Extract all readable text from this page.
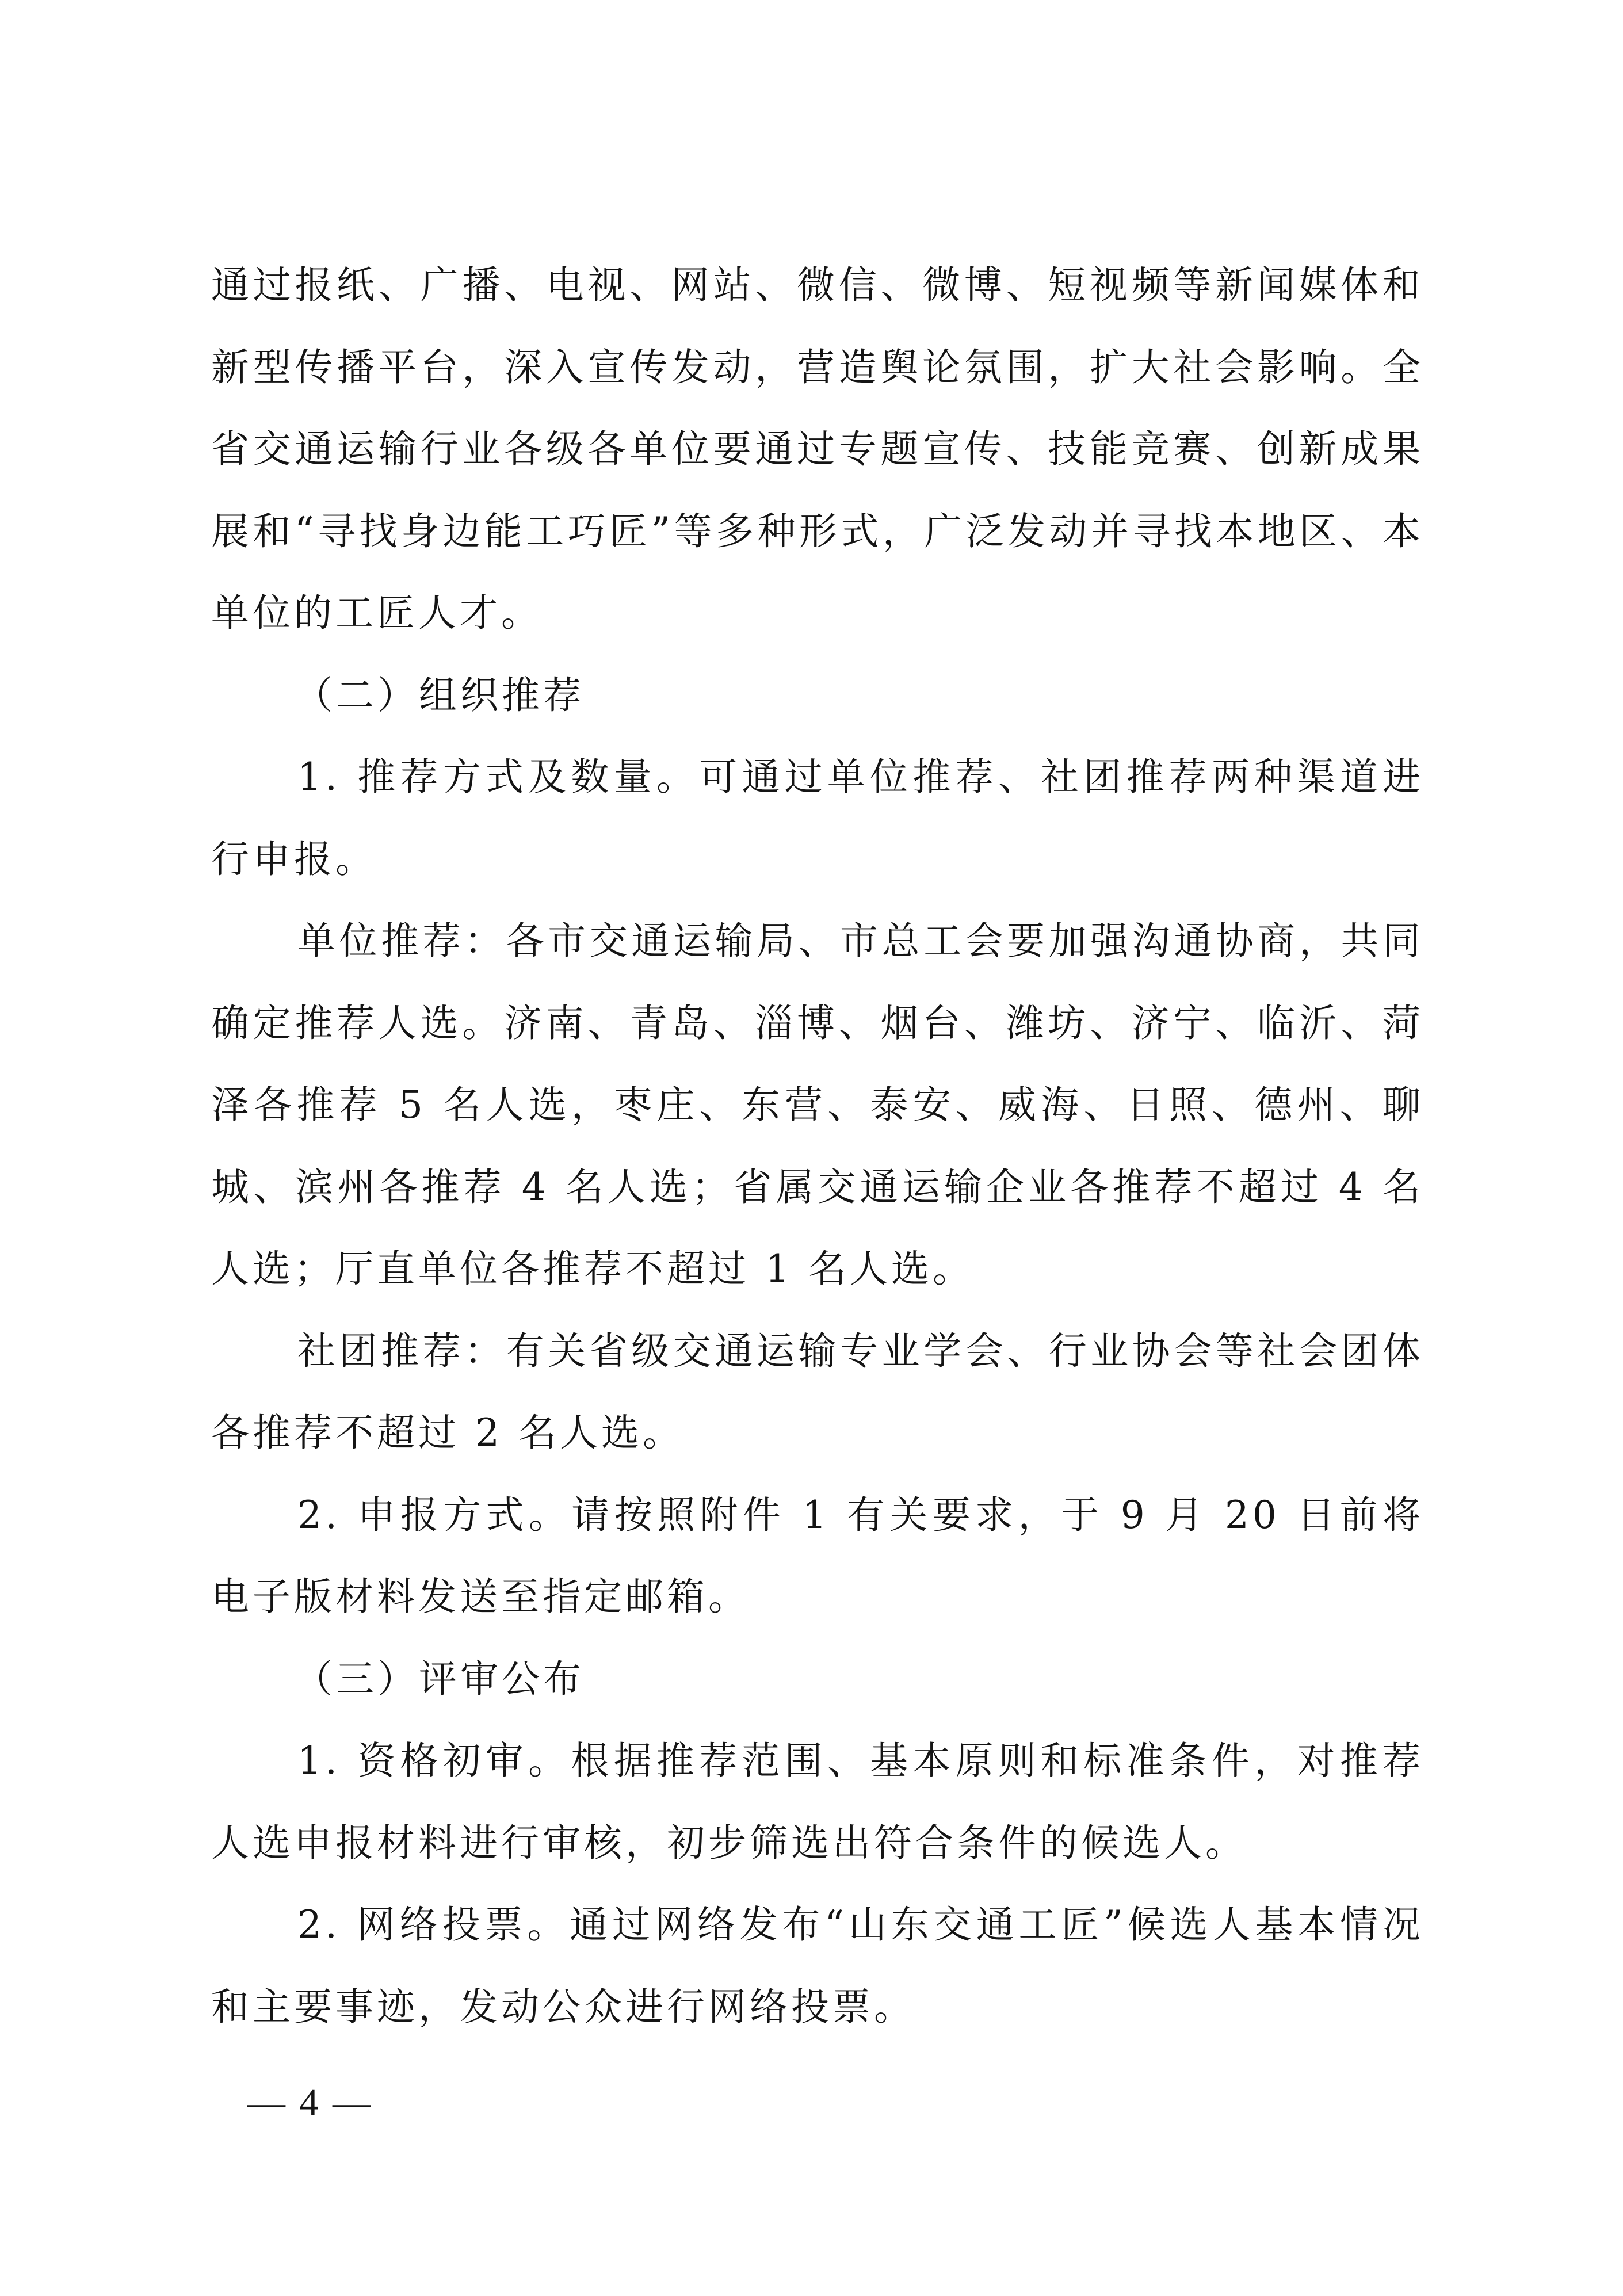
通过报纸、广播、电视、网站、微信、微博、短视频等新闻媒体和新型传播平台，深入宣传发动，营造舆论氛围，扩大社会影响。全省交通运输行业各级各单位要通过专题宣传、技能竞赛、创新成果展和“寻找身边能工巧匠”等多种形式，广泛发动并寻找本地区、本单位的工匠人才。

（二）组织推荐

1. 推荐方式及数量。可通过单位推荐、社团推荐两种渠道进行申报。

单位推荐：各市交通运输局、市总工会要加强沟通协商，共同确定推荐人选。济南、青岛、淄博、烟台、潍坊、济宁、临沂、菏泽各推荐 5 名人选，枣庄、东营、泰安、威海、日照、德州、聊城、滨州各推荐 4 名人选；省属交通运输企业各推荐不超过 4 名人选；厅直单位各推荐不超过 1 名人选。

社团推荐：有关省级交通运输专业学会、行业协会等社会团体各推荐不超过 2 名人选。

2. 申报方式。请按照附件 1 有关要求，于 9 月 20 日前将电子版材料发送至指定邮箱。

（三）评审公布

1. 资格初审。根据推荐范围、基本原则和标准条件，对推荐人选申报材料进行审核，初步筛选出符合条件的候选人。

2. 网络投票。通过网络发布“山东交通工匠”候选人基本情况和主要事迹，发动公众进行网络投票。

— 4 —
